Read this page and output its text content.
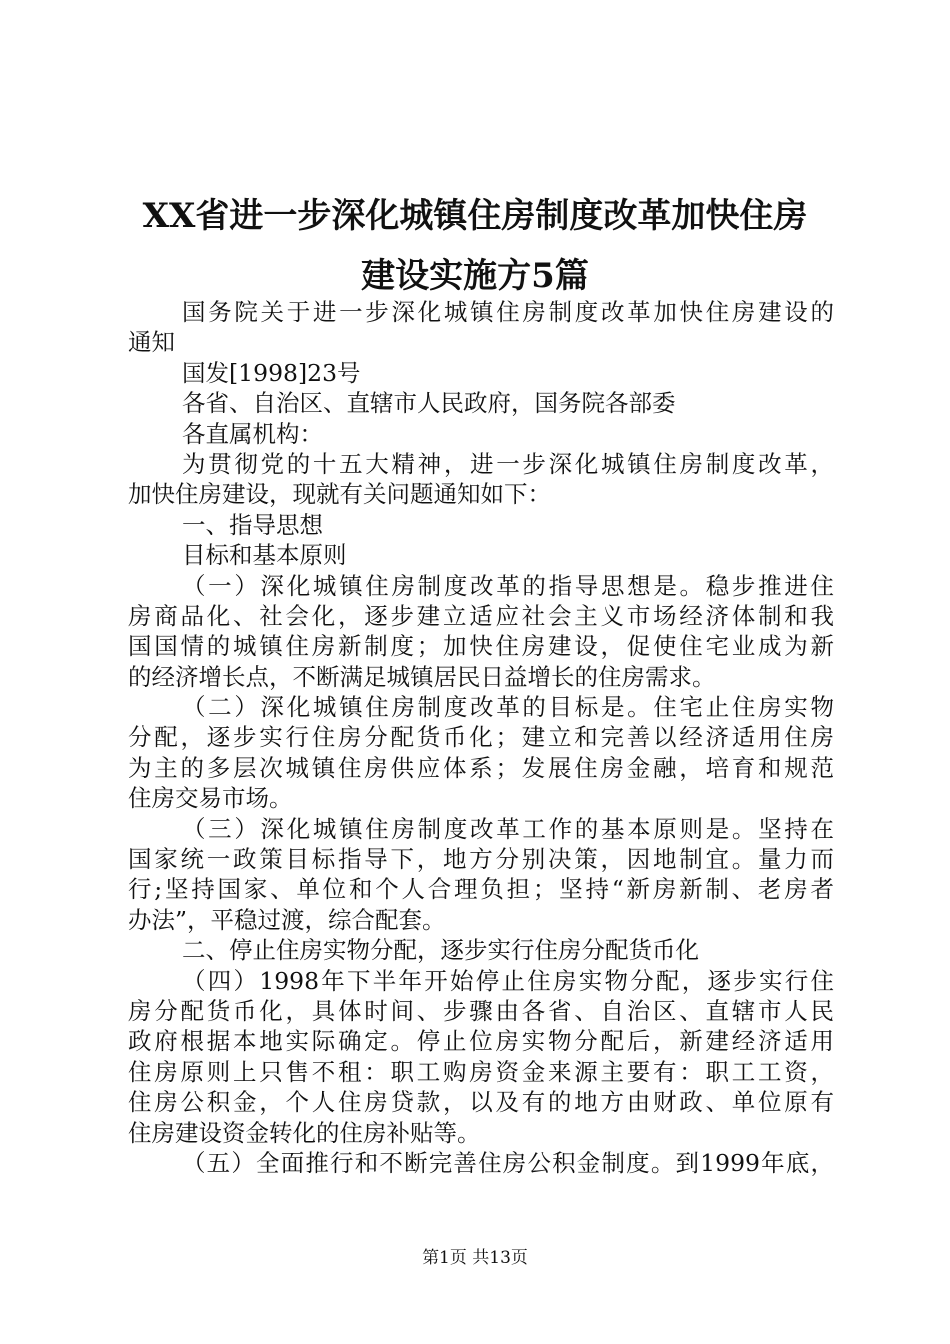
XX省进一步深化城镇住房制度改革加快住房
建设实施方5篇
国务院关于进一步深化城镇住房制度改革加快住房建设的
通知
国发[1998]23号
各省、自治区、直辖市人民政府，国务院各部委
各直属机构：
为贯彻党的十五大精神，进一步深化城镇住房制度改革，
加快住房建设，现就有关问题通知如下：
一、指导思想
目标和基本原则
（一）深化城镇住房制度改革的指导思想是。稳步推进住
房商品化、社会化，逐步建立适应社会主义市场经济体制和我
国国情的城镇住房新制度；加快住房建设，促使住宅业成为新
的经济增长点，不断满足城镇居民日益增长的住房需求。
（二）深化城镇住房制度改革的目标是。住宅止住房实物
分配，逐步实行住房分配货币化；建立和完善以经济适用住房
为主的多层次城镇住房供应体系；发展住房金融，培育和规范
住房交易市场。
（三）深化城镇住房制度改革工作的基本原则是。坚持在
国家统一政策目标指导下，地方分别决策，因地制宜。量力而
行;坚持国家、单位和个人合理负担；坚持“新房新制、老房者
办法”，平稳过渡，综合配套。
二、停止住房实物分配，逐步实行住房分配货币化
（四）1998年下半年开始停止住房实物分配，逐步实行住
房分配货币化，具体时间、步骤由各省、自治区、直辖市人民
政府根据本地实际确定。停止位房实物分配后，新建经济适用
住房原则上只售不租：职工购房资金来源主要有：职工工资，
住房公积金，个人住房贷款，以及有的地方由财政、单位原有
住房建设资金转化的住房补贴等。
（五）全面推行和不断完善住房公积金制度。到1999年底，
第1页 共13页
